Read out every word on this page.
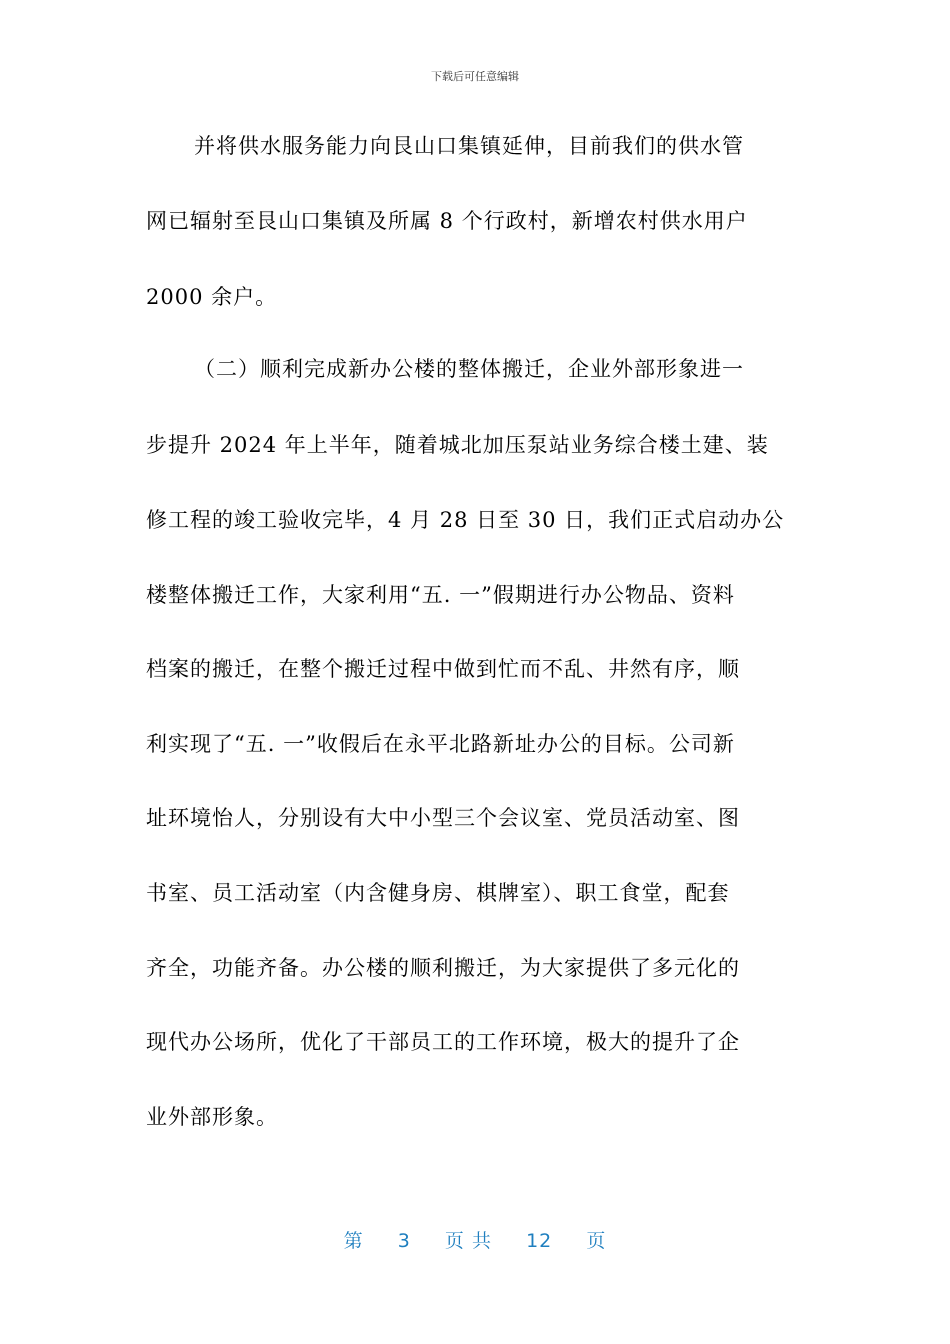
下载后可任意编辑
并将供水服务能力向艮山口集镇延伸，目前我们的供水管
网已辐射至艮山口集镇及所属 8 个行政村，新增农村供水用户
2000 余户。
（二）顺利完成新办公楼的整体搬迁，企业外部形象进一
步提升 2024 年上半年，随着城北加压泵站业务综合楼土建、装
修工程的竣工验收完毕，4 月 28 日至 30 日，我们正式启动办公
楼整体搬迁工作，大家利用“五. 一”假期进行办公物品、资料
档案的搬迁，在整个搬迁过程中做到忙而不乱、井然有序，顺
利实现了“五. 一”收假后在永平北路新址办公的目标。公司新
址环境怡人，分别设有大中小型三个会议室、党员活动室、图
书室、员工活动室（内含健身房、棋牌室）、职工食堂，配套
齐全，功能齐备。办公楼的顺利搬迁，为大家提供了多元化的
现代办公场所，优化了干部员工的工作环境，极大的提升了企
业外部形象。
第 3 页 共 12 页
